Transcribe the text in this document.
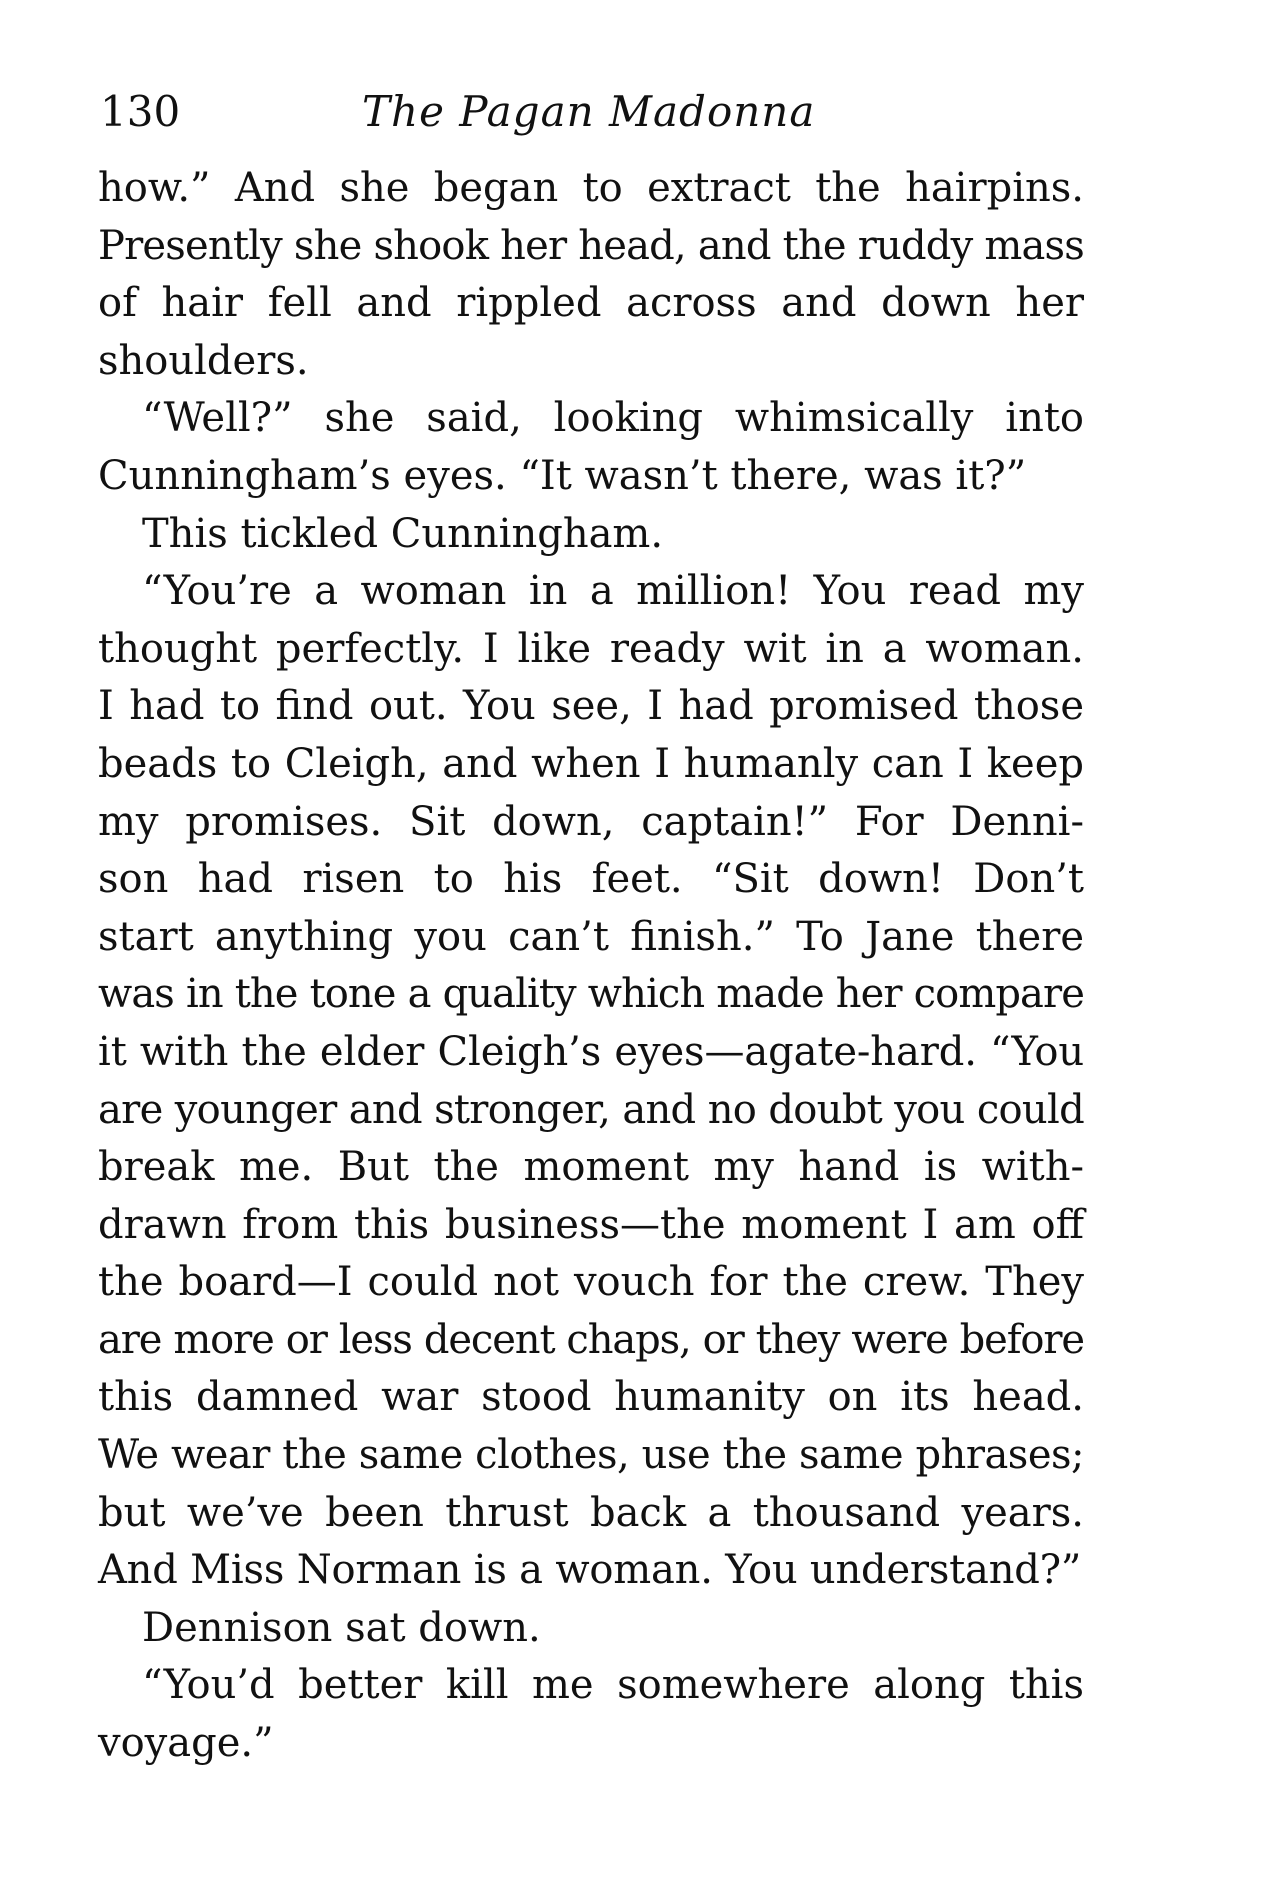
130	The Pagan Madonna
how.” And she began to extract the hairpins.
Presently she shook her head, and the ruddy mass
of hair fell and rippled across and down her
shoulders.
“Well?” she said, looking whimsically into
Cunningham’s eyes. “It wasn’t there, was it?”
This tickled Cunningham.
“You’re a woman in a million! You read my
thought perfectly. I like ready wit in a woman.
I had to find out. You see, I had promised those
beads to Cleigh, and when I humanly can I keep
my promises. Sit down, captain!” For Denni-
son had risen to his feet. “Sit down! Don’t
start anything you can’t finish.” To Jane there
was in the tone a quality which made her compare
it with the elder Cleigh’s eyes—agate-hard. “You
are younger and stronger, and no doubt you could
break me. But the moment my hand is with-
drawn from this business—the moment I am off
the board—I could not vouch for the crew. They
are more or less decent chaps, or they were before
this damned war stood humanity on its head.
We wear the same clothes, use the same phrases;
but we’ve been thrust back a thousand years.
And Miss Norman is a woman. You understand?”
Dennison sat down.
“You’d better kill me somewhere along this
voyage.”
